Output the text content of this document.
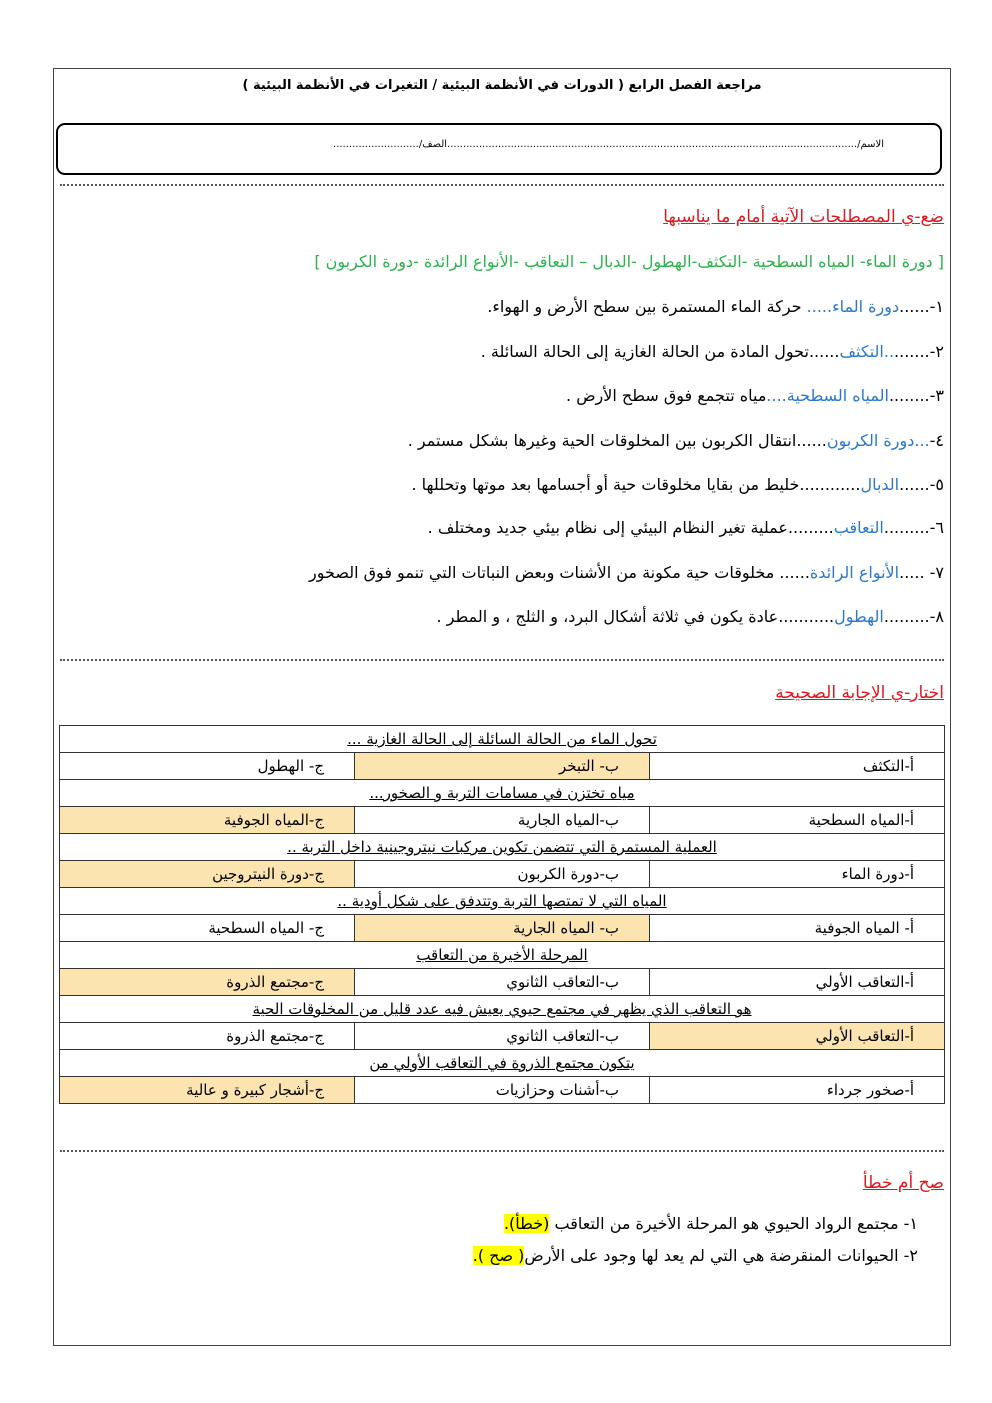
مراجعة الفصل الرابع ( الدورات في الأنظمة البيئية / التغيرات في الأنظمة البيئية )
الاسم/.................................................................................................................................الصف/...........................
ضع-ي المصطلحات الآتية أمام ما يناسبها
[ دورة الماء- المياه السطحية -التكثف-الهطول -الدبال – التعاقب -الأنواع الرائدة -دورة الكربون ]
١-......دورة الماء..... حركة الماء المستمرة بين سطح الأرض و الهواء.
٢-.........التكثف......تحول المادة من الحالة الغازية إلى الحالة السائلة .
٣-........المياه السطحية....مياه تتجمع فوق سطح الأرض .
٤-...دورة الكربون......انتقال الكربون بين المخلوقات الحية وغيرها بشكل مستمر .
٥-......الدبال............خليط من بقايا مخلوقات حية أو أجسامها بعد موتها وتحللها .
٦-.........التعاقب.........عملية تغير النظام البيئي إلى نظام بيئي جديد ومختلف .
٧- .....الأنواع الرائدة...... مخلوقات حية مكونة من الأشنات وبعض النباتات التي تنمو فوق الصخور
٨-.........الهطول...........عادة يكون في ثلاثة أشكال البرد، و الثلج ، و المطر .
اختار-ي الإجابة الصحيحة
تحول الماء من الحالة السائلة إلى الحالة الغازية ...		
أ-التكثف	ب- التبخر	ج- الهطول
مياه تختزن في مسامات التربة و الصخور...		
أ-المياه السطحية	ب-المياه الجارية	ج-المياه الجوفية
العملية المستمرة التي تتضمن تكوين مركبات نيتروجينية داخل التربة ..		
أ-دورة الماء	ب-دورة الكربون	ج-دورة النيتروجين
المياه التي لا تمتصها التربة وتتدفق على شكل أودية ..		
أ- المياه الجوفية	ب- المياه الجارية	ج- المياه السطحية
المرحلة الأخيرة من التعاقب		
أ-التعاقب الأولي	ب-التعاقب الثانوي	ج-مجتمع الذروة
هو التعاقب الذي يظهر في مجتمع حيوي يعيش فيه عدد قليل من المخلوقات الحية		
أ-التعاقب الأولي	ب-التعاقب الثانوي	ج-مجتمع الذروة
يتكون مجتمع الذروة في التعاقب الأولي من		
أ-صخور جرداء	ب-أشنات وحزازيات	ج-أشجار كبيرة و عالية
صح أم خطأ
١- مجتمع الرواد الحيوي هو المرحلة الأخيرة من التعاقب (خطأ).
٢- الحيوانات المنقرضة هي التي لم يعد لها وجود على الأرض( صح ).
